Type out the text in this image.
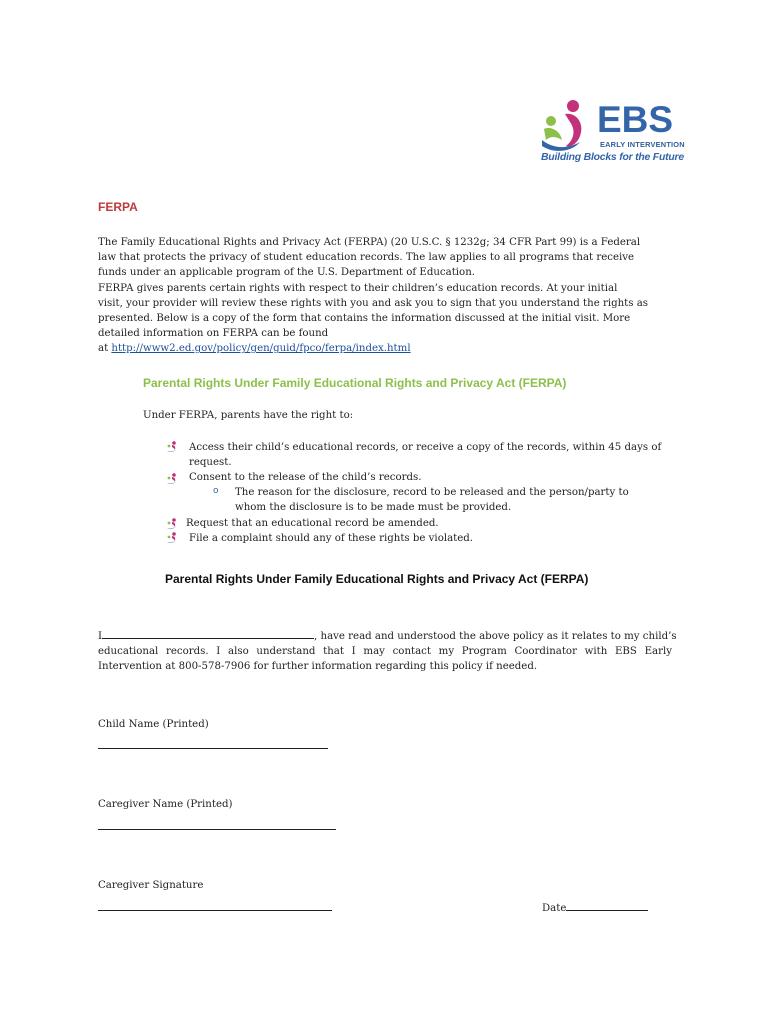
EBS
EARLY INTERVENTION
Building Blocks for the Future
FERPA
The Family Educational Rights and Privacy Act (FERPA) (20 U.S.C. § 1232g; 34 CFR Part 99) is a Federal
law that protects the privacy of student education records. The law applies to all programs that receive
funds under an applicable program of the U.S. Department of Education.
FERPA gives parents certain rights with respect to their children’s education records. At your initial
visit, your provider will review these rights with you and ask you to sign that you understand the rights as
presented. Below is a copy of the form that contains the information discussed at the initial visit. More
detailed information on FERPA can be found
at http://www2.ed.gov/policy/gen/guid/fpco/ferpa/index.html
Parental Rights Under Family Educational Rights and Privacy Act (FERPA)
Under FERPA, parents have the right to:
o
Access their child’s educational records, or receive a copy of the records, within 45 days of
request.
Consent to the release of the child’s records.
The reason for the disclosure, record to be released and the person/party to
whom the disclosure is to be made must be provided.
Request that an educational record be amended.
File a complaint should any of these rights be violated.
Parental Rights Under Family Educational Rights and Privacy Act (FERPA)
I	, have read and understood the above policy as it relates to my child’s
educational records. I also understand that I may contact my Program Coordinator with EBS Early
Intervention at 800-578-7906 for further information regarding this policy if needed.
Child Name (Printed)
Caregiver Name (Printed)
Caregiver Signature
Date
